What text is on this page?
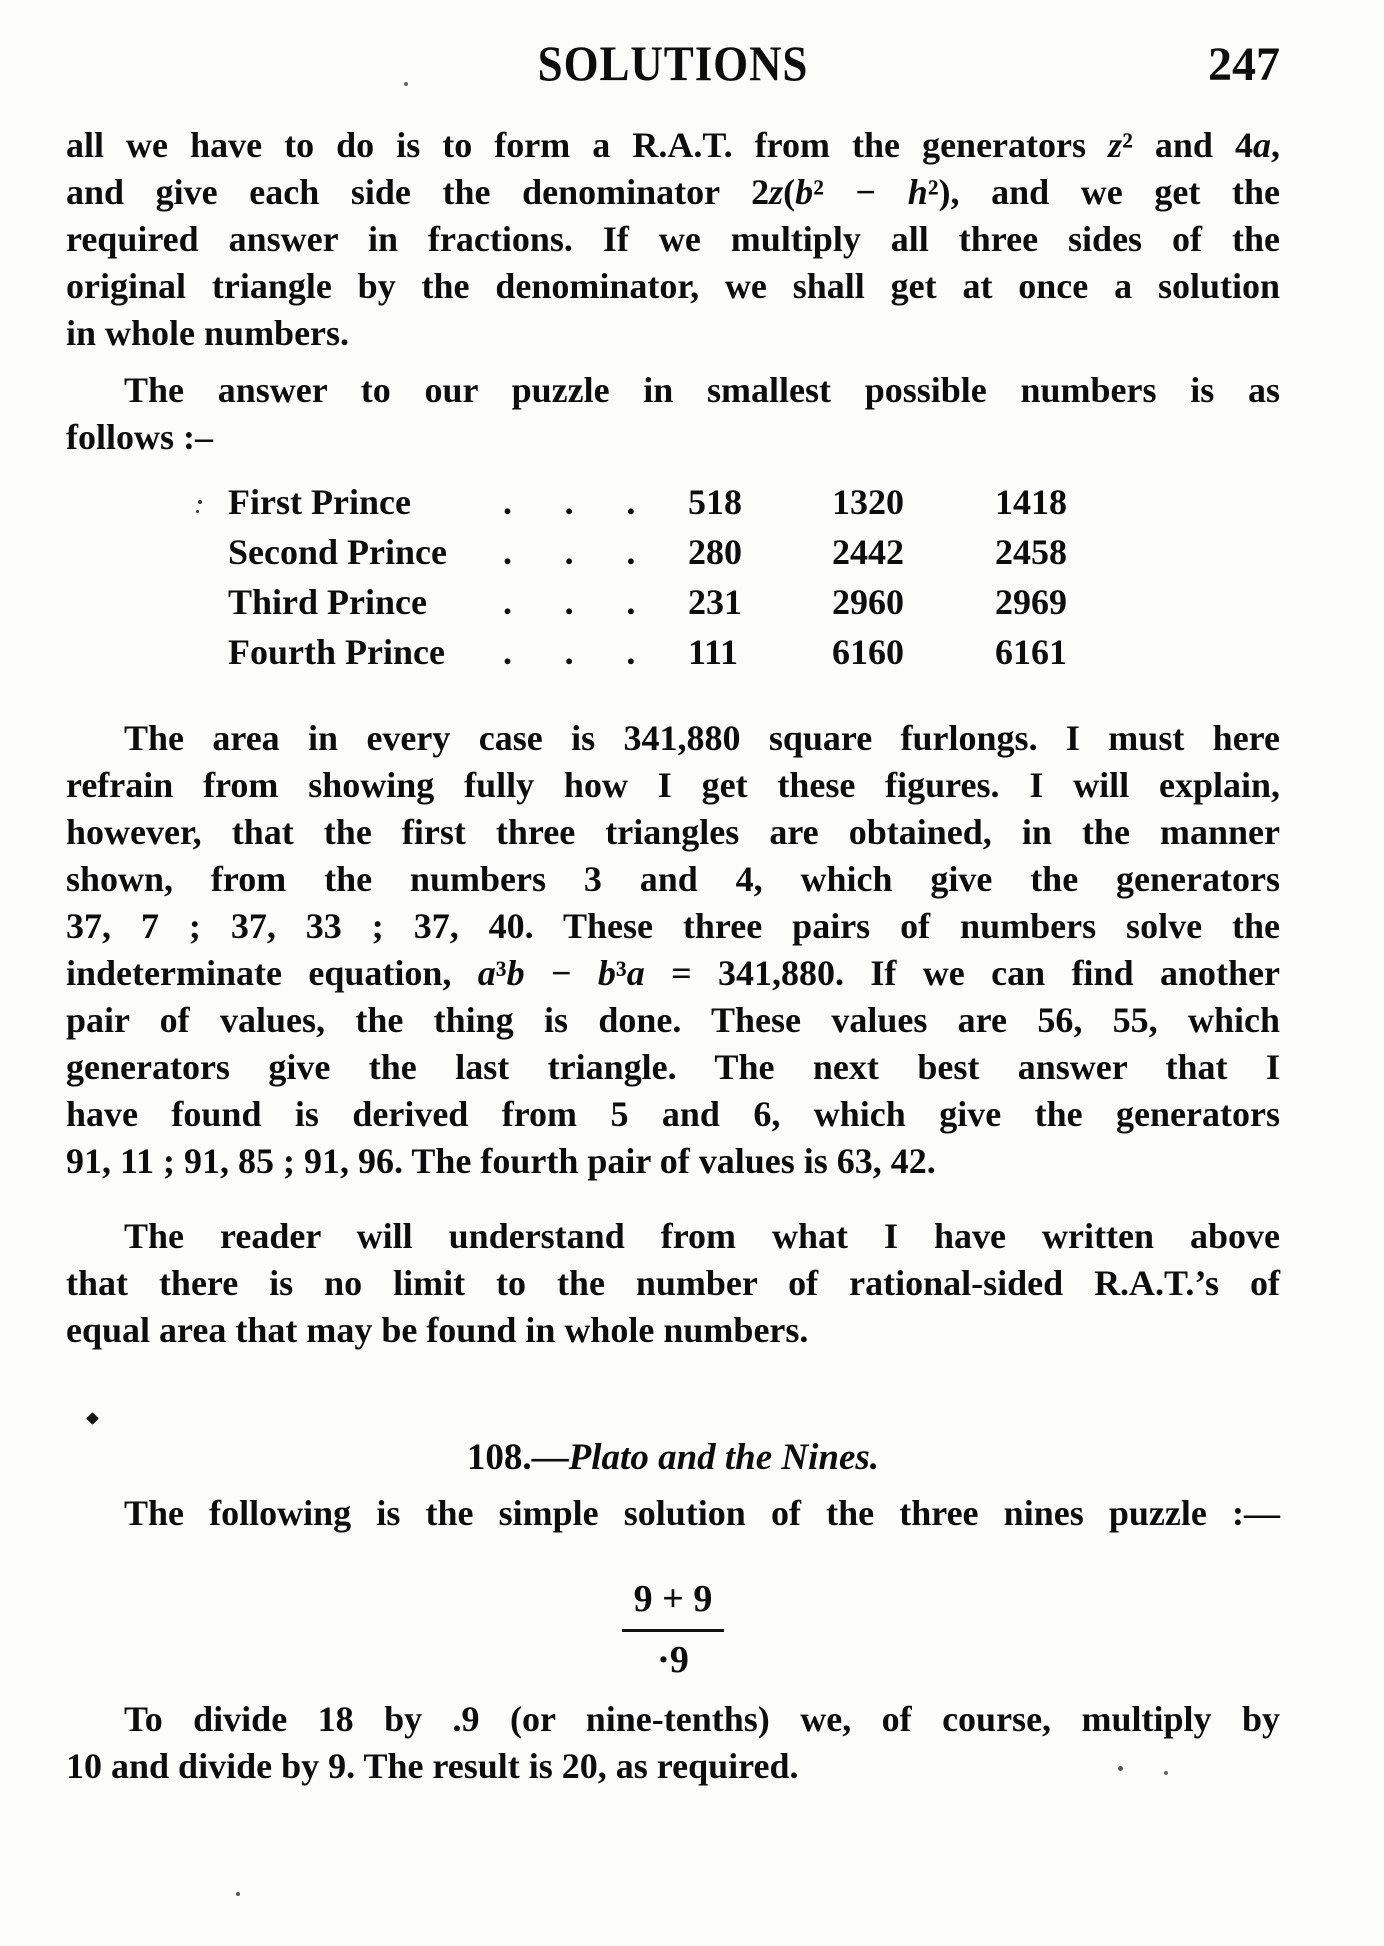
SOLUTIONS
all we have to do is to form a R.A.T. from the generators z² and 4a,
and give each side the denominator 2z(b² − h²), and we get the
required answer in fractions. If we multiply all three sides of the
original triangle by the denominator, we shall get at once a solution
in whole numbers.
The answer to our puzzle in smallest possible numbers is as
follows :–
First Prince	.	.	.	518	1320	1418
Second Prince	.	.	.	280	2442	2458
Third Prince	.	.	.	231	2960	2969
Fourth Prince	.	.	.	111	6160	6161
The area in every case is 341,880 square furlongs. I must here
refrain from showing fully how I get these figures. I will explain,
however, that the first three triangles are obtained, in the manner
shown, from the numbers 3 and 4, which give the generators
37, 7 ; 37, 33 ; 37, 40. These three pairs of numbers solve the
indeterminate equation, a³b − b³a = 341,880. If we can find another
pair of values, the thing is done. These values are 56, 55, which
generators give the last triangle. The next best answer that I
have found is derived from 5 and 6, which give the generators
91, 11 ; 91, 85 ; 91, 96. The fourth pair of values is 63, 42.
The reader will understand from what I have written above
that there is no limit to the number of rational-sided R.A.T.’s of
equal area that may be found in whole numbers.
108.—Plato and the Nines.
The following is the simple solution of the three nines puzzle :—
9 + 9
·9
To divide 18 by .9 (or nine-tenths) we, of course, multiply by
10 and divide by 9. The result is 20, as required.
247
